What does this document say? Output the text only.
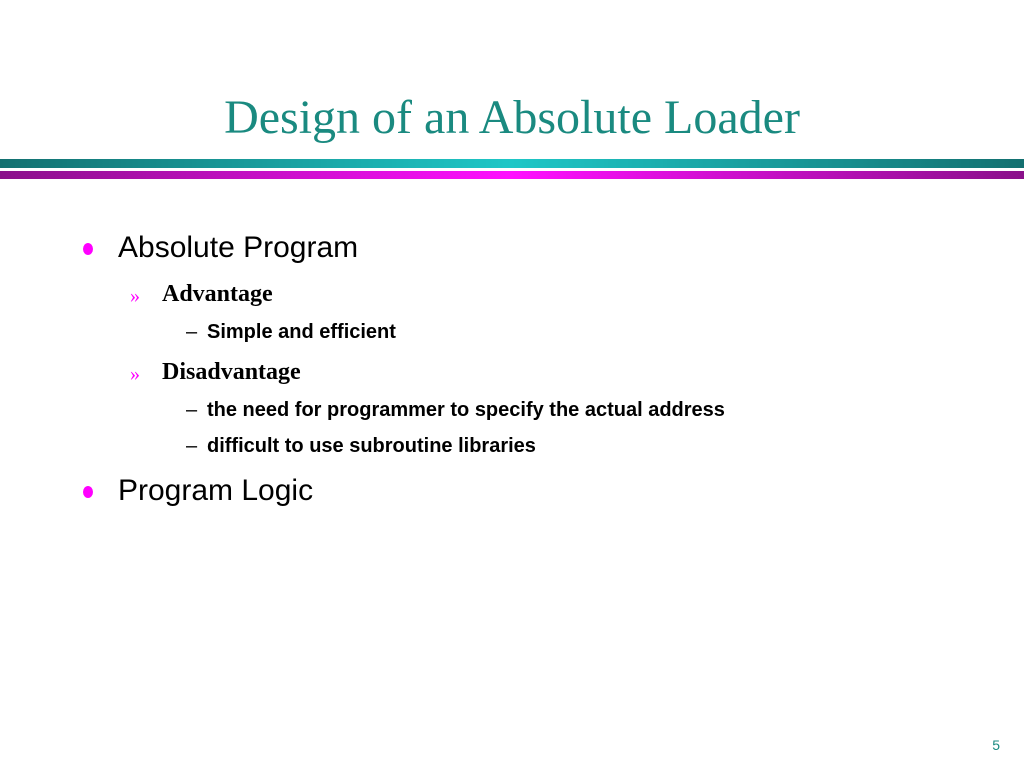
Design of an Absolute Loader
Absolute Program
» Advantage
– Simple and efficient
» Disadvantage
– the need for programmer to specify the actual address
– difficult to use subroutine libraries
Program Logic
5
